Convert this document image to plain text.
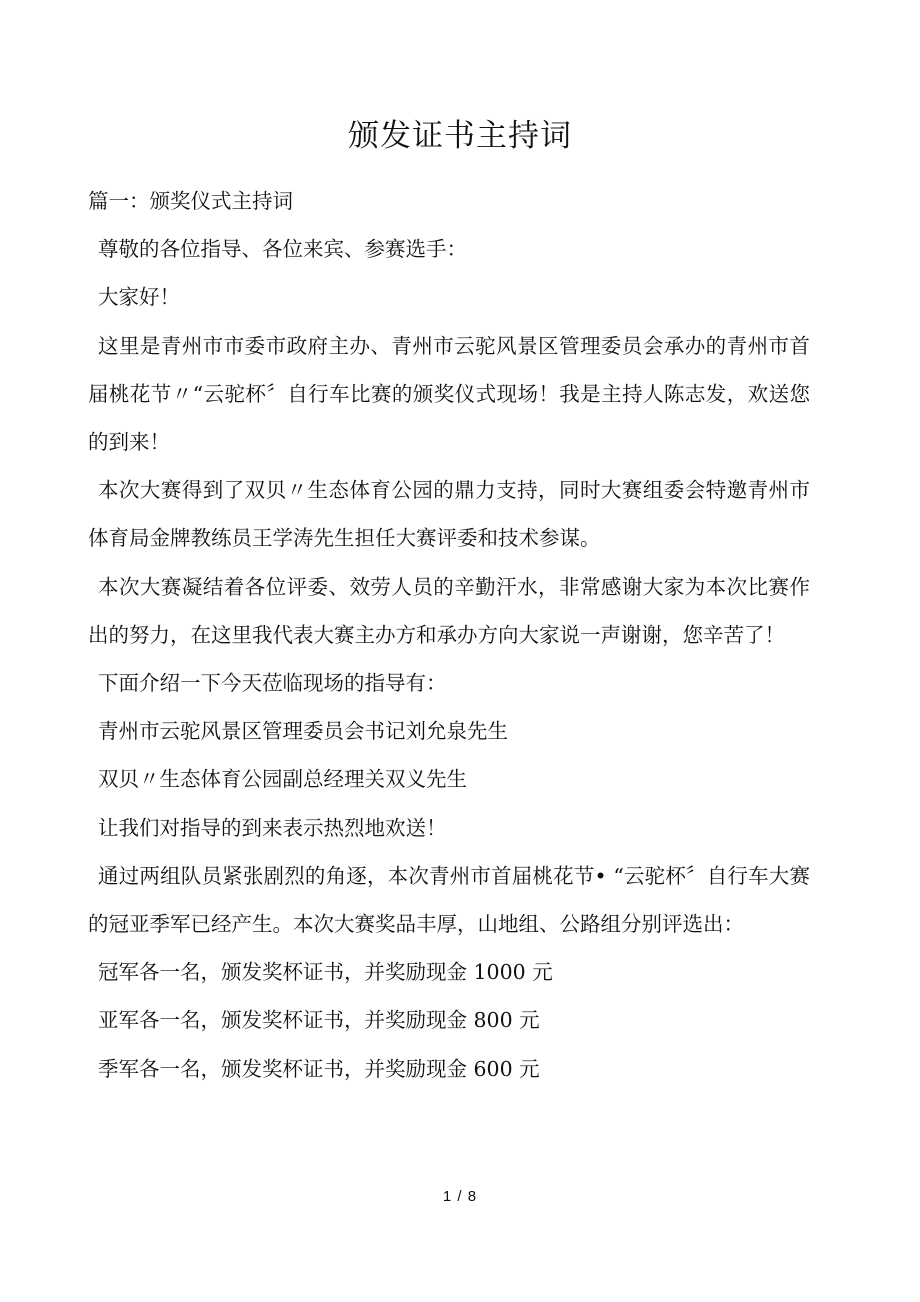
颁发证书主持词

篇一：颁奖仪式主持词

尊敬的各位指导、各位来宾、参赛选手：

大家好！

这里是青州市市委市政府主办、青州市云驼风景区管理委员会承办的青州市首届桃花节〃“云驼杯〞自行车比赛的颁奖仪式现场！我是主持人陈志发，欢送您的到来！

本次大赛得到了双贝〃生态体育公园的鼎力支持，同时大赛组委会特邀青州市体育局金牌教练员王学涛先生担任大赛评委和技术参谋。

本次大赛凝结着各位评委、效劳人员的辛勤汗水，非常感谢大家为本次比赛作出的努力，在这里我代表大赛主办方和承办方向大家说一声谢谢，您辛苦了！

下面介绍一下今天莅临现场的指导有：

青州市云驼风景区管理委员会书记刘允泉先生

双贝〃生态体育公园副总经理关双义先生

让我们对指导的到来表示热烈地欢送！

通过两组队员紧张剧烈的角逐，本次青州市首届桃花节• “云驼杯〞自行车大赛的冠亚季军已经产生。本次大赛奖品丰厚，山地组、公路组分别评选出：

冠军各一名，颁发奖杯证书，并奖励现金 1000 元

亚军各一名，颁发奖杯证书，并奖励现金 800 元

季军各一名，颁发奖杯证书，并奖励现金 600 元

1 / 8
